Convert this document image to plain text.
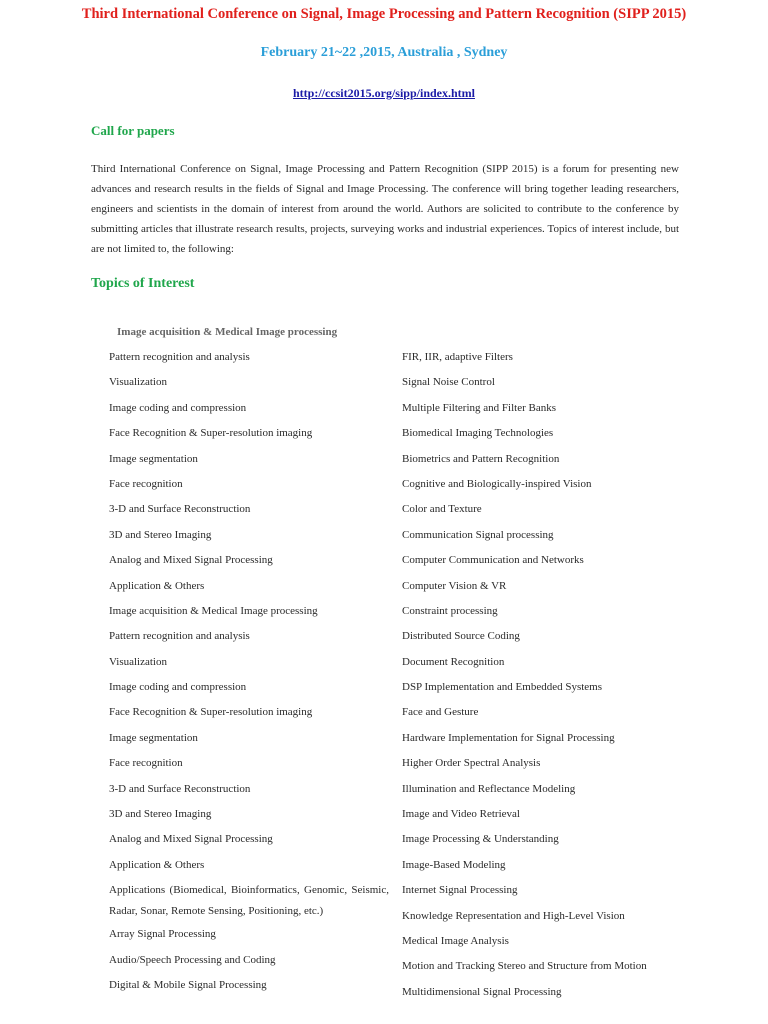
Third International Conference on Signal, Image Processing and Pattern Recognition (SIPP 2015)
February 21~22 ,2015, Australia , Sydney
http://ccsit2015.org/sipp/index.html
Call for papers
Third International Conference on Signal, Image Processing and Pattern Recognition (SIPP 2015) is a forum for presenting new advances and research results in the fields of Signal and Image Processing. The conference will bring together leading researchers, engineers and scientists in the domain of interest from around the world. Authors are solicited to contribute to the conference by submitting articles that illustrate research results, projects, surveying works and industrial experiences. Topics of interest include, but are not limited to, the following:
Topics of Interest
Image acquisition & Medical Image processing
Pattern recognition and analysis
Visualization
Image coding and compression
Face Recognition & Super-resolution imaging
Image segmentation
Face recognition
3-D and Surface Reconstruction
3D and Stereo Imaging
Analog and Mixed Signal Processing
Application & Others
Image acquisition & Medical Image processing
Pattern recognition and analysis
Visualization
Image coding and compression
Face Recognition & Super-resolution imaging
Image segmentation
Face recognition
3-D and Surface Reconstruction
3D and Stereo Imaging
Analog and Mixed Signal Processing
Application & Others
Applications (Biomedical, Bioinformatics, Genomic, Seismic, Radar, Sonar, Remote Sensing, Positioning, etc.)
Array Signal Processing
Audio/Speech Processing and Coding
Digital & Mobile Signal Processing
FIR, IIR, adaptive Filters
Signal Noise Control
Multiple Filtering and Filter Banks
Biomedical Imaging Technologies
Biometrics and Pattern Recognition
Cognitive and Biologically-inspired Vision
Color and Texture
Communication Signal processing
Computer Communication and Networks
Computer Vision & VR
Constraint processing
Distributed Source Coding
Document Recognition
DSP Implementation and Embedded Systems
Face and Gesture
Hardware Implementation for Signal Processing
Higher Order Spectral Analysis
Illumination and Reflectance Modeling
Image and Video Retrieval
Image Processing & Understanding
Image-Based Modeling
Internet Signal Processing
Knowledge Representation and High-Level Vision
Medical Image Analysis
Motion and Tracking Stereo and Structure from Motion
Multidimensional Signal Processing
